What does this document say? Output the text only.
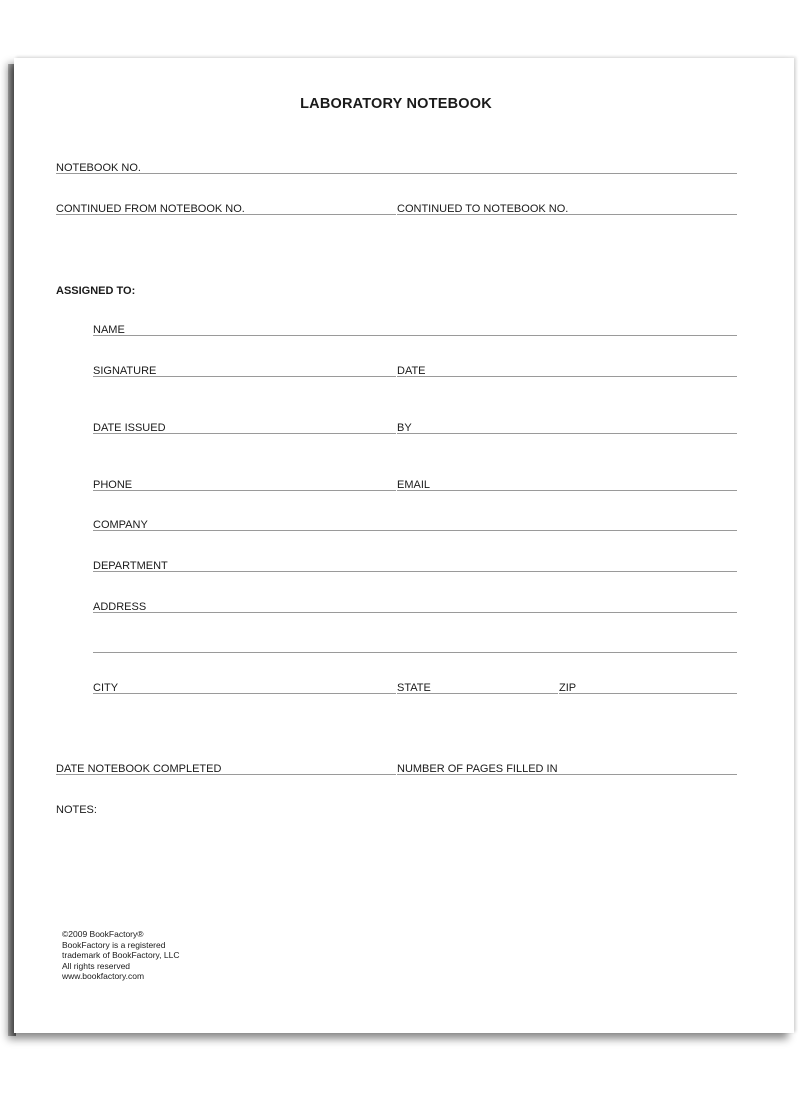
LABORATORY NOTEBOOK
NOTEBOOK NO.
CONTINUED FROM NOTEBOOK NO.	CONTINUED TO NOTEBOOK NO.
ASSIGNED TO:
NAME
SIGNATURE	DATE
DATE ISSUED	BY
PHONE	EMAIL
COMPANY
DEPARTMENT
ADDRESS
CITY	STATE	ZIP
DATE NOTEBOOK COMPLETED	NUMBER OF PAGES FILLED IN
NOTES:
©2009 BookFactory®
BookFactory is a registered
trademark of BookFactory, LLC
All rights reserved
www.bookfactory.com
